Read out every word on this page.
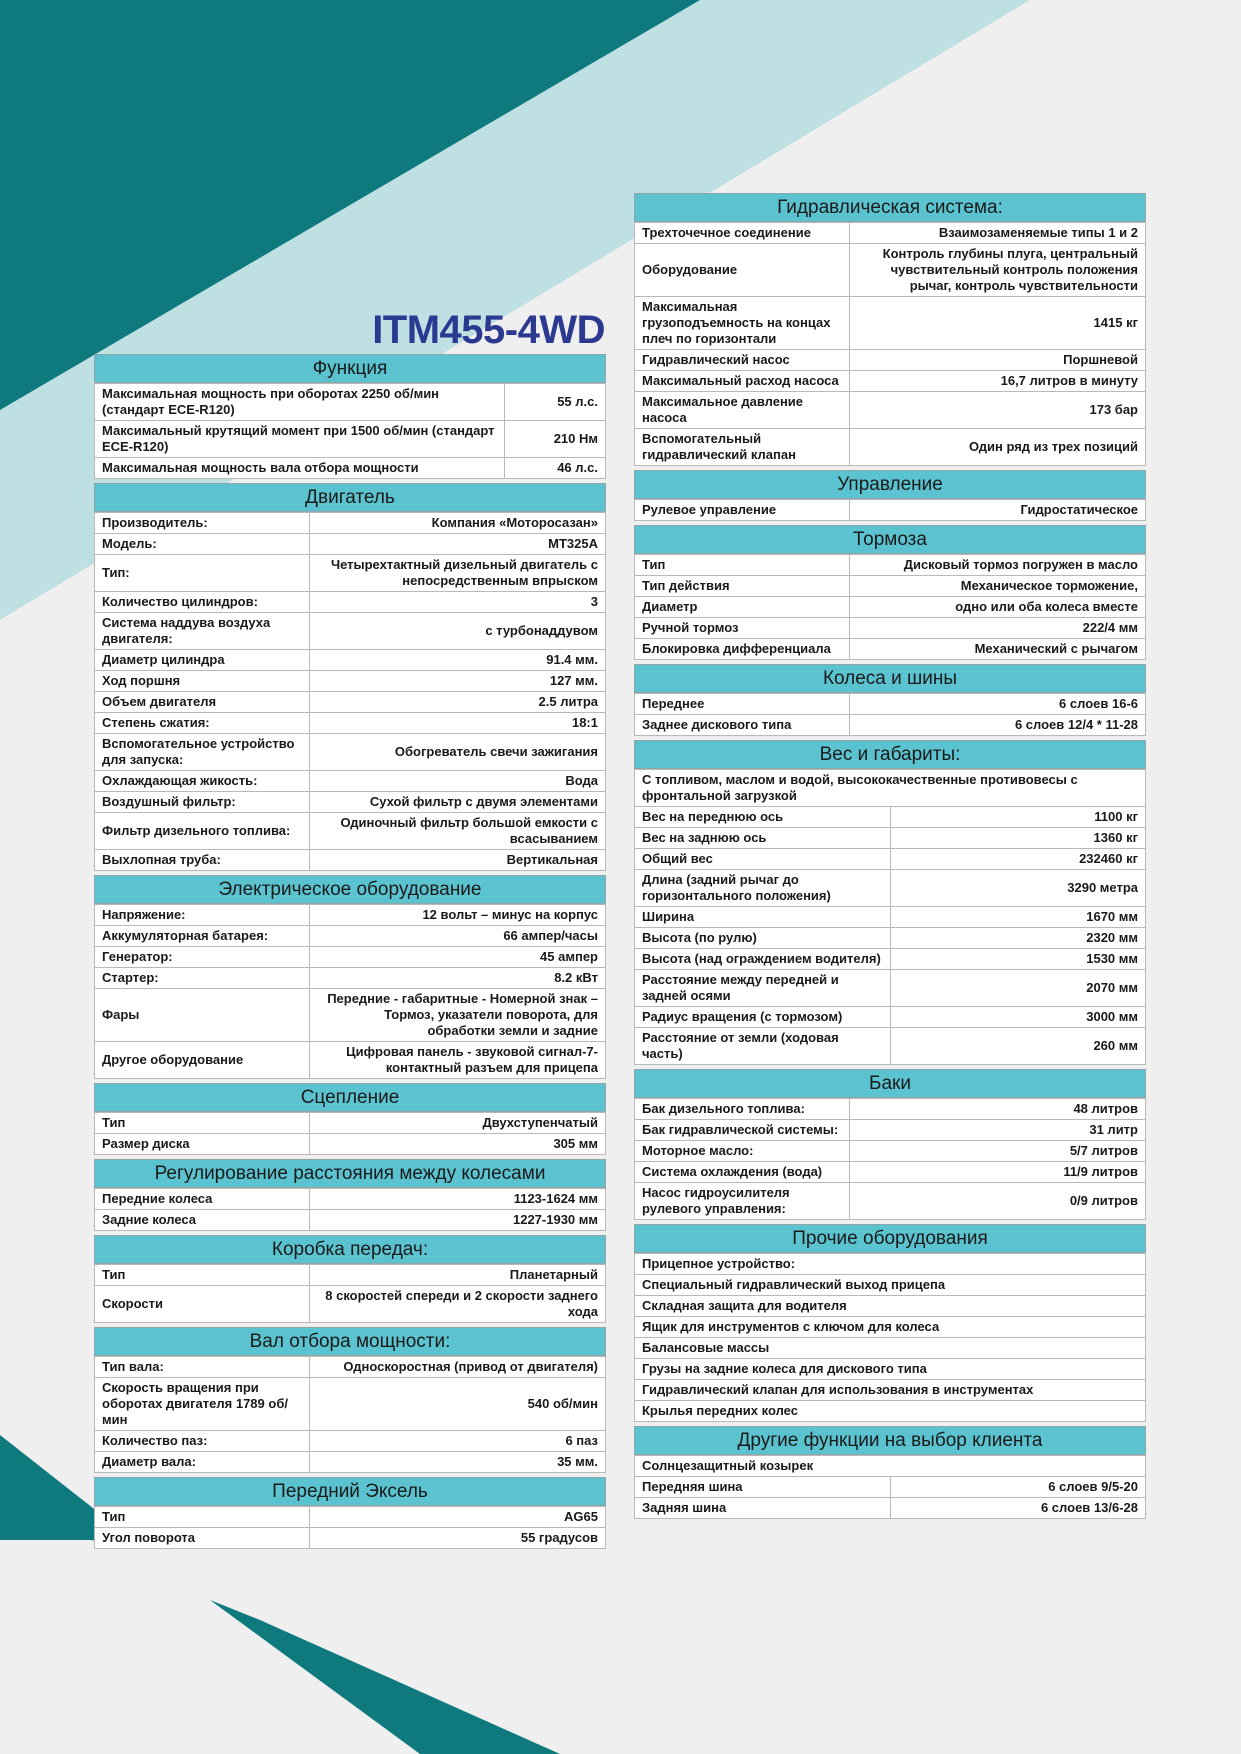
ITM455-4WD
Функция
Максимальная мощность при оборотах 2250 об/мин (стандарт ECE-R120)	55 л.с.
Максимальный крутящий момент при 1500 об/мин (стандарт ECE-R120)	210 Нм
Максимальная мощность вала отбора мощности	46 л.с.
Двигатель
Производитель:	Компания «Моторосазан»
Модель:	MT325A
Тип:	Четырехтактный дизельный двигатель с непосредственным впрыском
Количество цилиндров:	3
Система наддува воздуха двигателя:	с турбонаддувом
Диаметр цилиндра	91.4 мм.
Ход поршня	127 мм.
Объем двигателя	2.5 литра
Степень сжатия:	18:1
Вспомогательное устройство для запуска:	Обогреватель свечи зажигания
Охлаждающая жикость:	Вода
Воздушный фильтр:	Сухой фильтр с двумя элементами
Фильтр дизельного топлива:	Одиночный фильтр большой емкости с всасыванием
Выхлопная труба:	Вертикальная
Электрическое оборудование
Напряжение:	12 вольт – минус на корпус
Аккумуляторная батарея:	66 ампер/часы
Генератор:	45 ампер
Стартер:	8.2 кВт
Фары	Передние - габаритные - Номерной знак – Тормоз, указатели поворота, для обработки земли и задние
Другое оборудование	Цифровая панель - звуковой сигнал-7-контактный разъем для прицепа
Сцепление
Тип	Двухступенчатый
Размер диска	305 мм
Регулирование расстояния между колесами
Передние колеса	1123-1624 мм
Задние колеса	1227-1930 мм
Коробка передач:
Тип	Планетарный
Скорости	8 скоростей спереди и 2 скорости заднего хода
Вал отбора мощности:
Тип вала:	Односкоростная (привод от двигателя)
Скорость вращения при оборотах двигателя 1789 об/мин	540 об/мин
Количество паз:	6 паз
Диаметр вала:	35 мм.
Передний Эксель
Тип	AG65
Угол поворота	55 градусов
Гидравлическая система:
Трехточечное соединение	Взаимозаменяемые типы 1 и 2
Оборудование	Контроль глубины плуга, центральный чувствительный контроль положения рычаг, контроль чувствительности
Максимальная грузоподъемность на концах плеч по горизонтали	1415 кг
Гидравлический насос	Поршневой
Максимальный расход насоса	16,7 литров в минуту
Максимальное давление насоса	173 бар
Вспомогательный гидравлический клапан	Один ряд из трех позиций
Управление
Рулевое управление	Гидростатическое
Тормоза
Тип	Дисковый тормоз погружен в масло
Тип действия	Механическое торможение,
Диаметр	одно или оба колеса вместе
Ручной тормоз	222/4 мм
Блокировка дифференциала	Механический с рычагом
Колеса и шины
Переднее	6 слоев 16-6
Заднее дискового типа	6 слоев 12/4 * 11-28
Вес и габариты:
С топливом, маслом и водой, высококачественные противовесы с фронтальной загрузкой	
Вес на переднюю ось	1100 кг
Вес на заднюю ось	1360 кг
Общий вес	232460 кг
Длина (задний рычаг до горизонтального положения)	3290 метра
Ширина	1670 мм
Высота (по рулю)	2320 мм
Высота (над ограждением водителя)	1530 мм
Расстояние между передней и задней осями	2070 мм
Радиус вращения (с тормозом)	3000 мм
Расстояние от земли (ходовая часть)	260 мм
Баки
Бак дизельного топлива:	48 литров
Бак гидравлической системы:	31 литр
Моторное масло:	5/7 литров
Система охлаждения (вода)	11/9 литров
Насос гидроусилителя рулевого управления:	0/9 литров
Прочие оборудования
Прицепное устройство:
Специальный гидравлический выход прицепа
Складная защита для водителя
Ящик для инструментов с ключом для колеса
Балансовые массы
Грузы на задние колеса для дискового типа
Гидравлический клапан для использования в инструментах
Крылья передних колес
Другие функции на выбор клиента
Солнцезащитный козырек	
Передняя шина	6 слоев 9/5-20
Задняя шина	6 слоев 13/6-28
